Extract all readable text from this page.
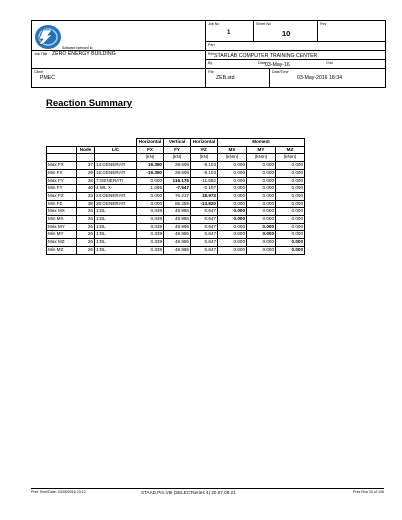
Software licensed to
Job No
1
Sheet No
10
Rev
Part
Job Title ZERO ENERGY BUILDING	Ref STARLAB COMPUTER TRAINING CENTER
By	Date 03-May-16	Chd
Client
PMEC
File
ZEB.std
Date/Time
03-May-2016 18:34
Reaction Summary
			Horizontal	Vertical	Horizontal	Moment		
	Node	L/C	FX	FY	FZ	MX	MY	MZ
			(kN)	(kN)	(kN)	(kNm)	(kNm)	(kNm)
Max FX	37	14:GENERATI	19.390	29.608	-9.103	0.000	0.000	0.000
Min FX	39	15:GENERATI	-19.390	29.608	-9.103	0.000	0.000	0.000
Max FY	38	7:GENERATI	0.000	116.175	-11.652	0.000	0.000	0.000
Min FY	40	4:WL X-	1.065	-7.547	-0.107	0.000	0.000	0.000
Max FZ	33	24:GENERATI	0.000	76.217	18.973	0.000	0.000	0.000
Min FZ	38	25:GENERATI	0.000	85.259	-13.820	0.000	0.000	0.000
Max MX	26	1:DL	0.339	49.985	0.647	0.000	0.000	0.000
Min MX	26	1:DL	0.339	49.985	0.647	0.000	0.000	0.000
Max MY	26	1:DL	0.339	49.985	0.647	0.000	0.000	0.000
Min MY	26	1:DL	0.339	49.985	0.647	0.000	0.000	0.000
Max MZ	26	1:DL	0.339	49.985	0.647	0.000	0.000	0.000
Min MZ	26	1:DL	0.339	49.985	0.647	0.000	0.000	0.000
Print Time/Date: 03/05/2016 23:12	STAAD.Pro V8i (SELECTseries 4) 20.07.09.21	Print Run 10 of 106
